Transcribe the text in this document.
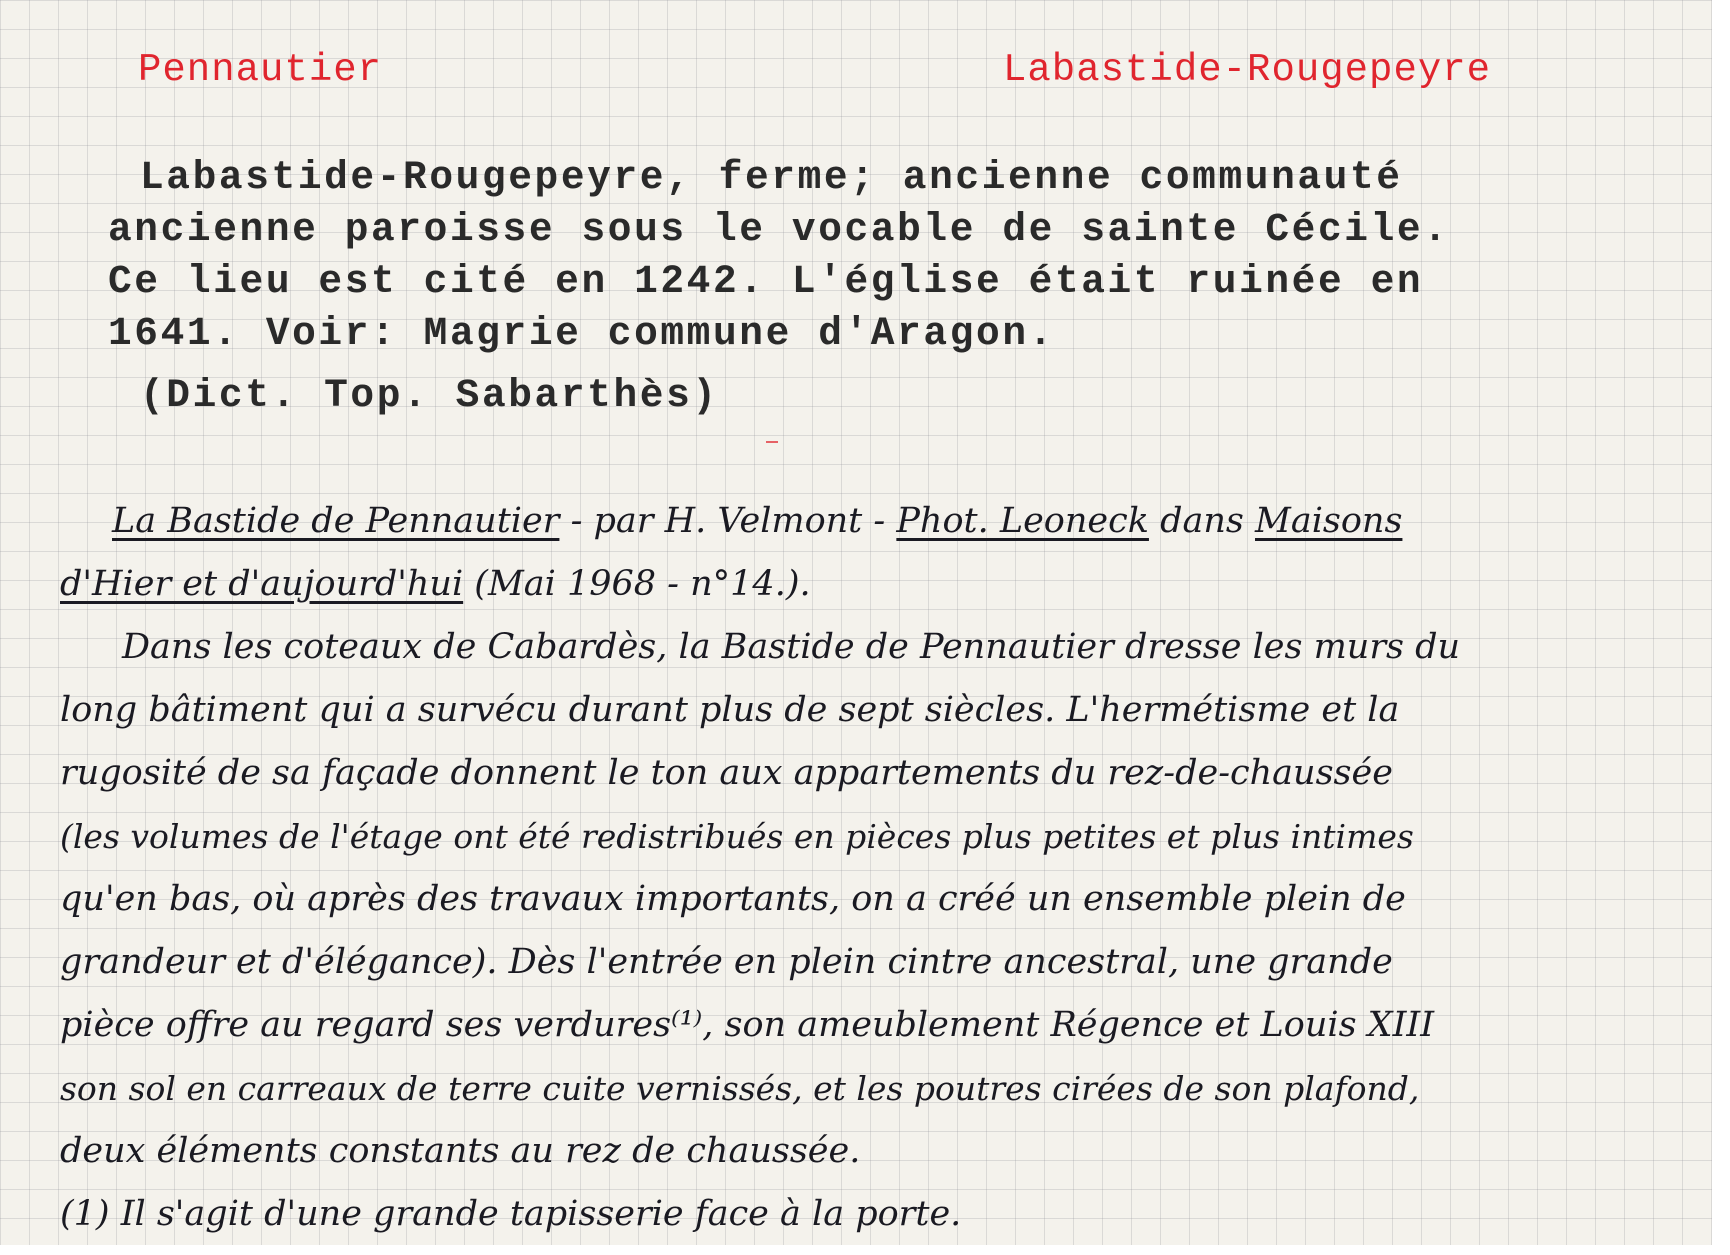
Pennautier	Labastide-Rougepeyre
Labastide-Rougepeyre, ferme; ancienne communauté
ancienne paroisse sous le vocable de sainte Cécile.
Ce lieu est cité en 1242. L'église était ruinée en
1641. Voir: Magrie commune d'Aragon.
(Dict. Top. Sabarthès)
La Bastide de Pennautier - par H. Velmont - Phot. Leoneck dans Maisons
d'Hier et d'aujourd'hui (Mai 1968 - n°14.).
Dans les coteaux de Cabardès, la Bastide de Pennautier dresse les murs du
long bâtiment qui a survécu durant plus de sept siècles. L'hermétisme et la
rugosité de sa façade donnent le ton aux appartements du rez-de-chaussée
(les volumes de l'étage ont été redistribués en pièces plus petites et plus intimes
qu'en bas, où après des travaux importants, on a créé un ensemble plein de
grandeur et d'élégance). Dès l'entrée en plein cintre ancestral, une grande
pièce offre au regard ses verdures⁽¹⁾, son ameublement Régence et Louis XIII
son sol en carreaux de terre cuite vernissés, et les poutres cirées de son plafond,
deux éléments constants au rez de chaussée.
(1) Il s'agit d'une grande tapisserie face à la porte.
